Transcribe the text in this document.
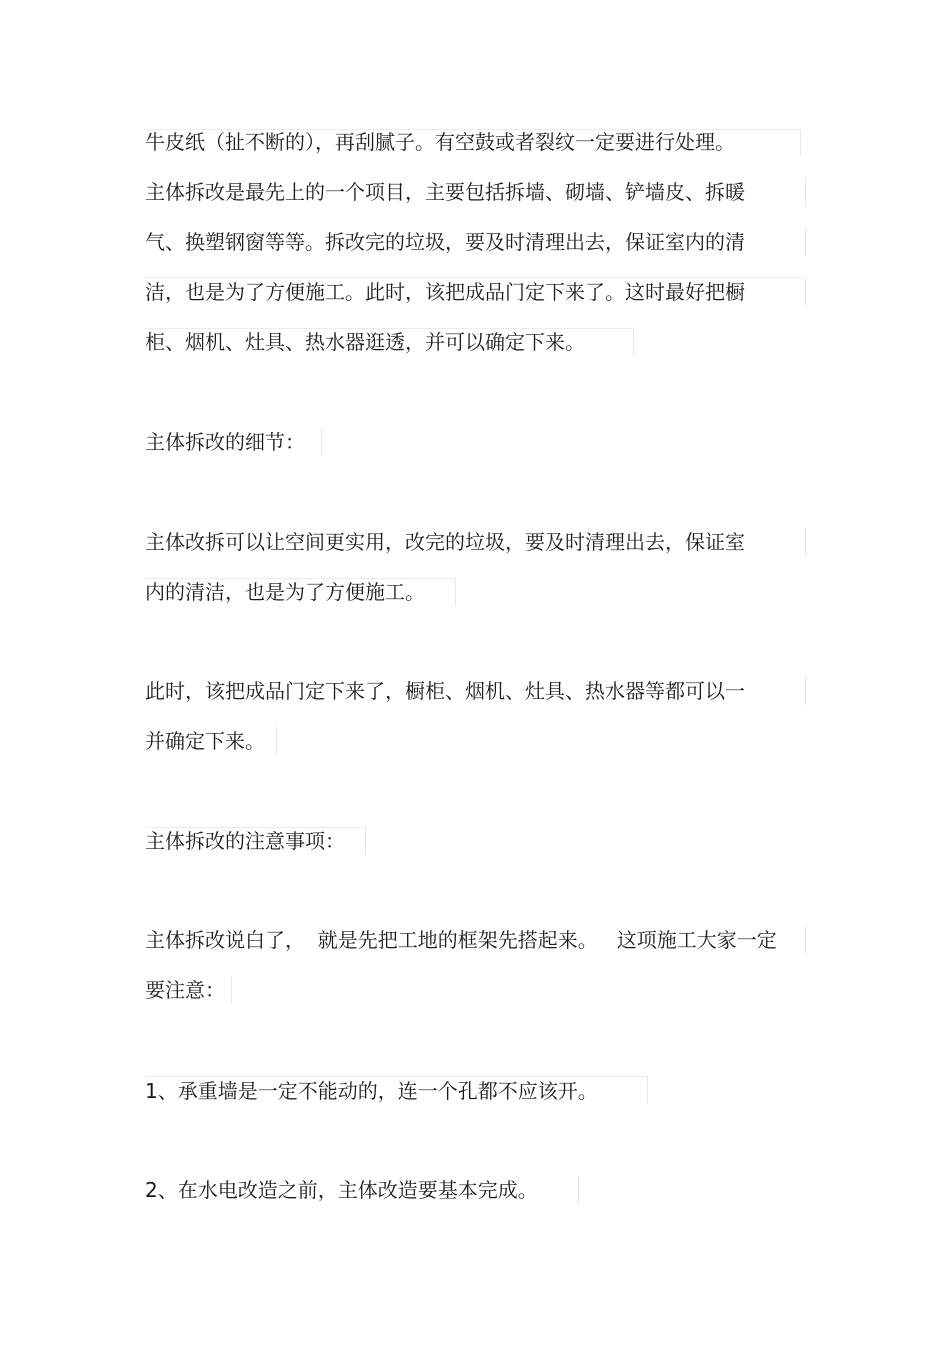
牛皮纸（扯不断的），再刮腻子。有空鼓或者裂纹一定要进行处理。
主体拆改是最先上的一个项目，主要包括拆墙、砌墙、铲墙皮、拆暖
气、换塑钢窗等等。拆改完的垃圾，要及时清理出去，保证室内的清
洁，也是为了方便施工。此时，该把成品门定下来了。这时最好把橱
柜、烟机、灶具、热水器逛透，并可以确定下来。
主体拆改的细节：
主体改拆可以让空间更实用，改完的垃圾，要及时清理出去，保证室
内的清洁，也是为了方便施工。
此时，该把成品门定下来了，橱柜、烟机、灶具、热水器等都可以一
并确定下来。
主体拆改的注意事项：
主体拆改说白了，  就是先把工地的框架先搭起来。   这项施工大家一定
要注意：
1、承重墙是一定不能动的，连一个孔都不应该开。
2、在水电改造之前，主体改造要基本完成。
